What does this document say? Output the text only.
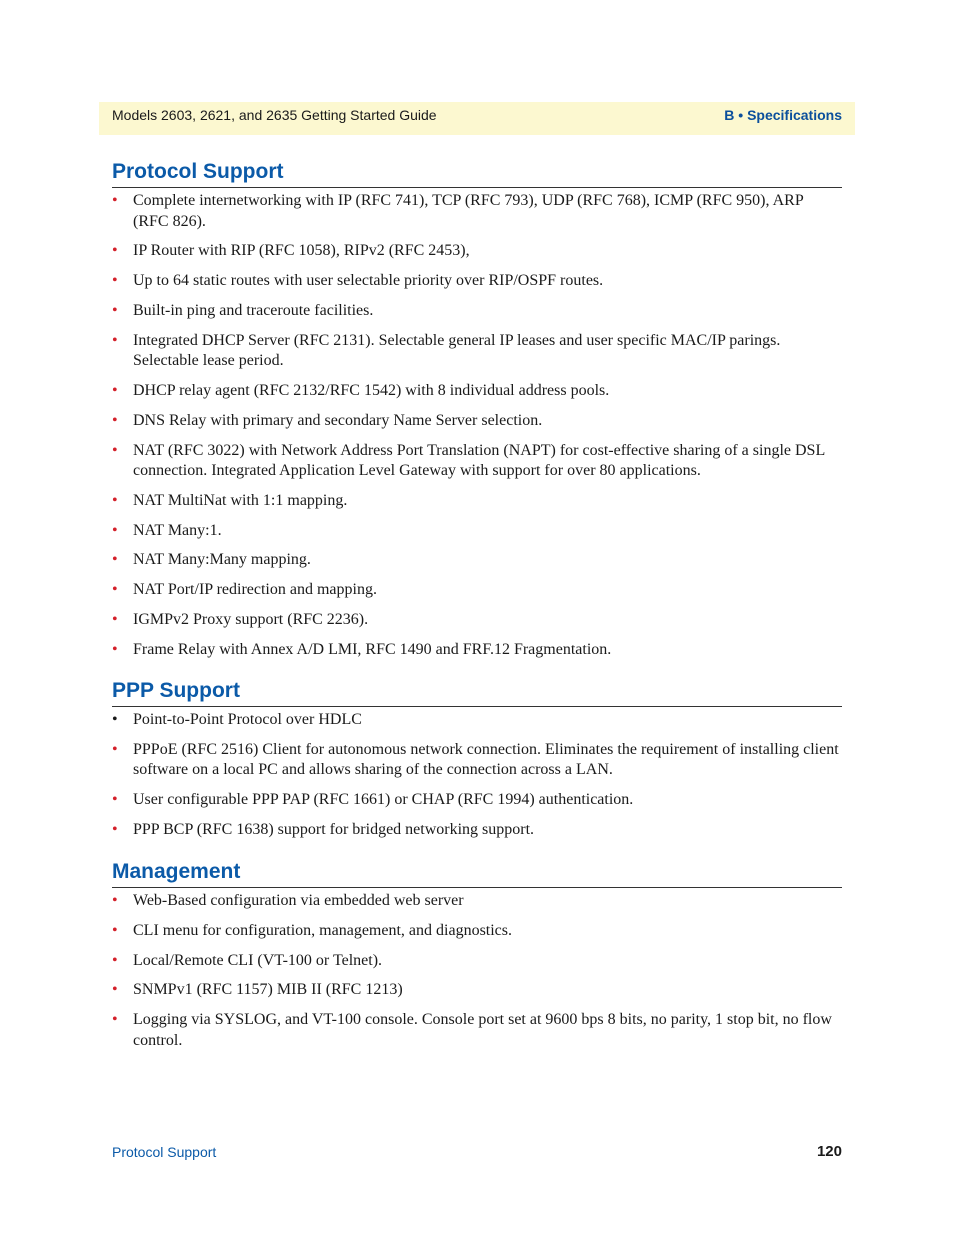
Models 2603, 2621, and 2635 Getting Started Guide	B • Specifications
Protocol Support
• Complete internetworking with IP (RFC 741), TCP (RFC 793), UDP (RFC 768), ICMP (RFC 950), ARP (RFC 826).
• IP Router with RIP (RFC 1058), RIPv2 (RFC 2453),
• Up to 64 static routes with user selectable priority over RIP/OSPF routes.
• Built-in ping and traceroute facilities.
• Integrated DHCP Server (RFC 2131). Selectable general IP leases and user specific MAC/IP parings. Selectable lease period.
• DHCP relay agent (RFC 2132/RFC 1542) with 8 individual address pools.
• DNS Relay with primary and secondary Name Server selection.
• NAT (RFC 3022) with Network Address Port Translation (NAPT) for cost-effective sharing of a single DSL connection. Integrated Application Level Gateway with support for over 80 applications.
• NAT MultiNat with 1:1 mapping.
• NAT Many:1.
• NAT Many:Many mapping.
• NAT Port/IP redirection and mapping.
• IGMPv2 Proxy support (RFC 2236).
• Frame Relay with Annex A/D LMI, RFC 1490 and FRF.12 Fragmentation.
PPP Support
• Point-to-Point Protocol over HDLC
• PPPoE (RFC 2516) Client for autonomous network connection. Eliminates the requirement of installing client software on a local PC and allows sharing of the connection across a LAN.
• User configurable PPP PAP (RFC 1661) or CHAP (RFC 1994) authentication.
• PPP BCP (RFC 1638) support for bridged networking support.
Management
• Web-Based configuration via embedded web server
• CLI menu for configuration, management, and diagnostics.
• Local/Remote CLI (VT-100 or Telnet).
• SNMPv1 (RFC 1157) MIB II (RFC 1213)
• Logging via SYSLOG, and VT-100 console. Console port set at 9600 bps 8 bits, no parity, 1 stop bit, no flow control.
Protocol Support	120
